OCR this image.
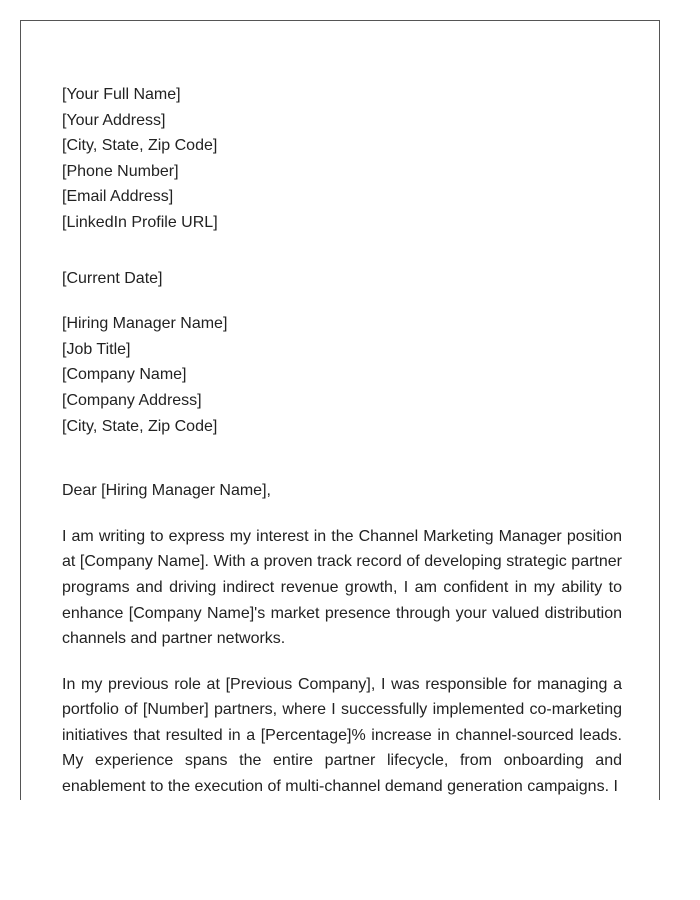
[Your Full Name]
[Your Address]
[City, State, Zip Code]
[Phone Number]
[Email Address]
[LinkedIn Profile URL]
[Current Date]
[Hiring Manager Name]
[Job Title]
[Company Name]
[Company Address]
[City, State, Zip Code]
Dear [Hiring Manager Name],

I am writing to express my interest in the Channel Marketing Manager position at [Company Name]. With a proven track record of developing strategic partner programs and driving indirect revenue growth, I am confident in my ability to enhance [Company Name]'s market presence through your valued distribution channels and partner networks.

In my previous role at [Previous Company], I was responsible for managing a portfolio of [Number] partners, where I successfully implemented co-marketing initiatives that resulted in a [Percentage]% increase in channel-sourced leads. My experience spans the entire partner lifecycle, from onboarding and enablement to the execution of multi-channel demand generation campaigns. I
